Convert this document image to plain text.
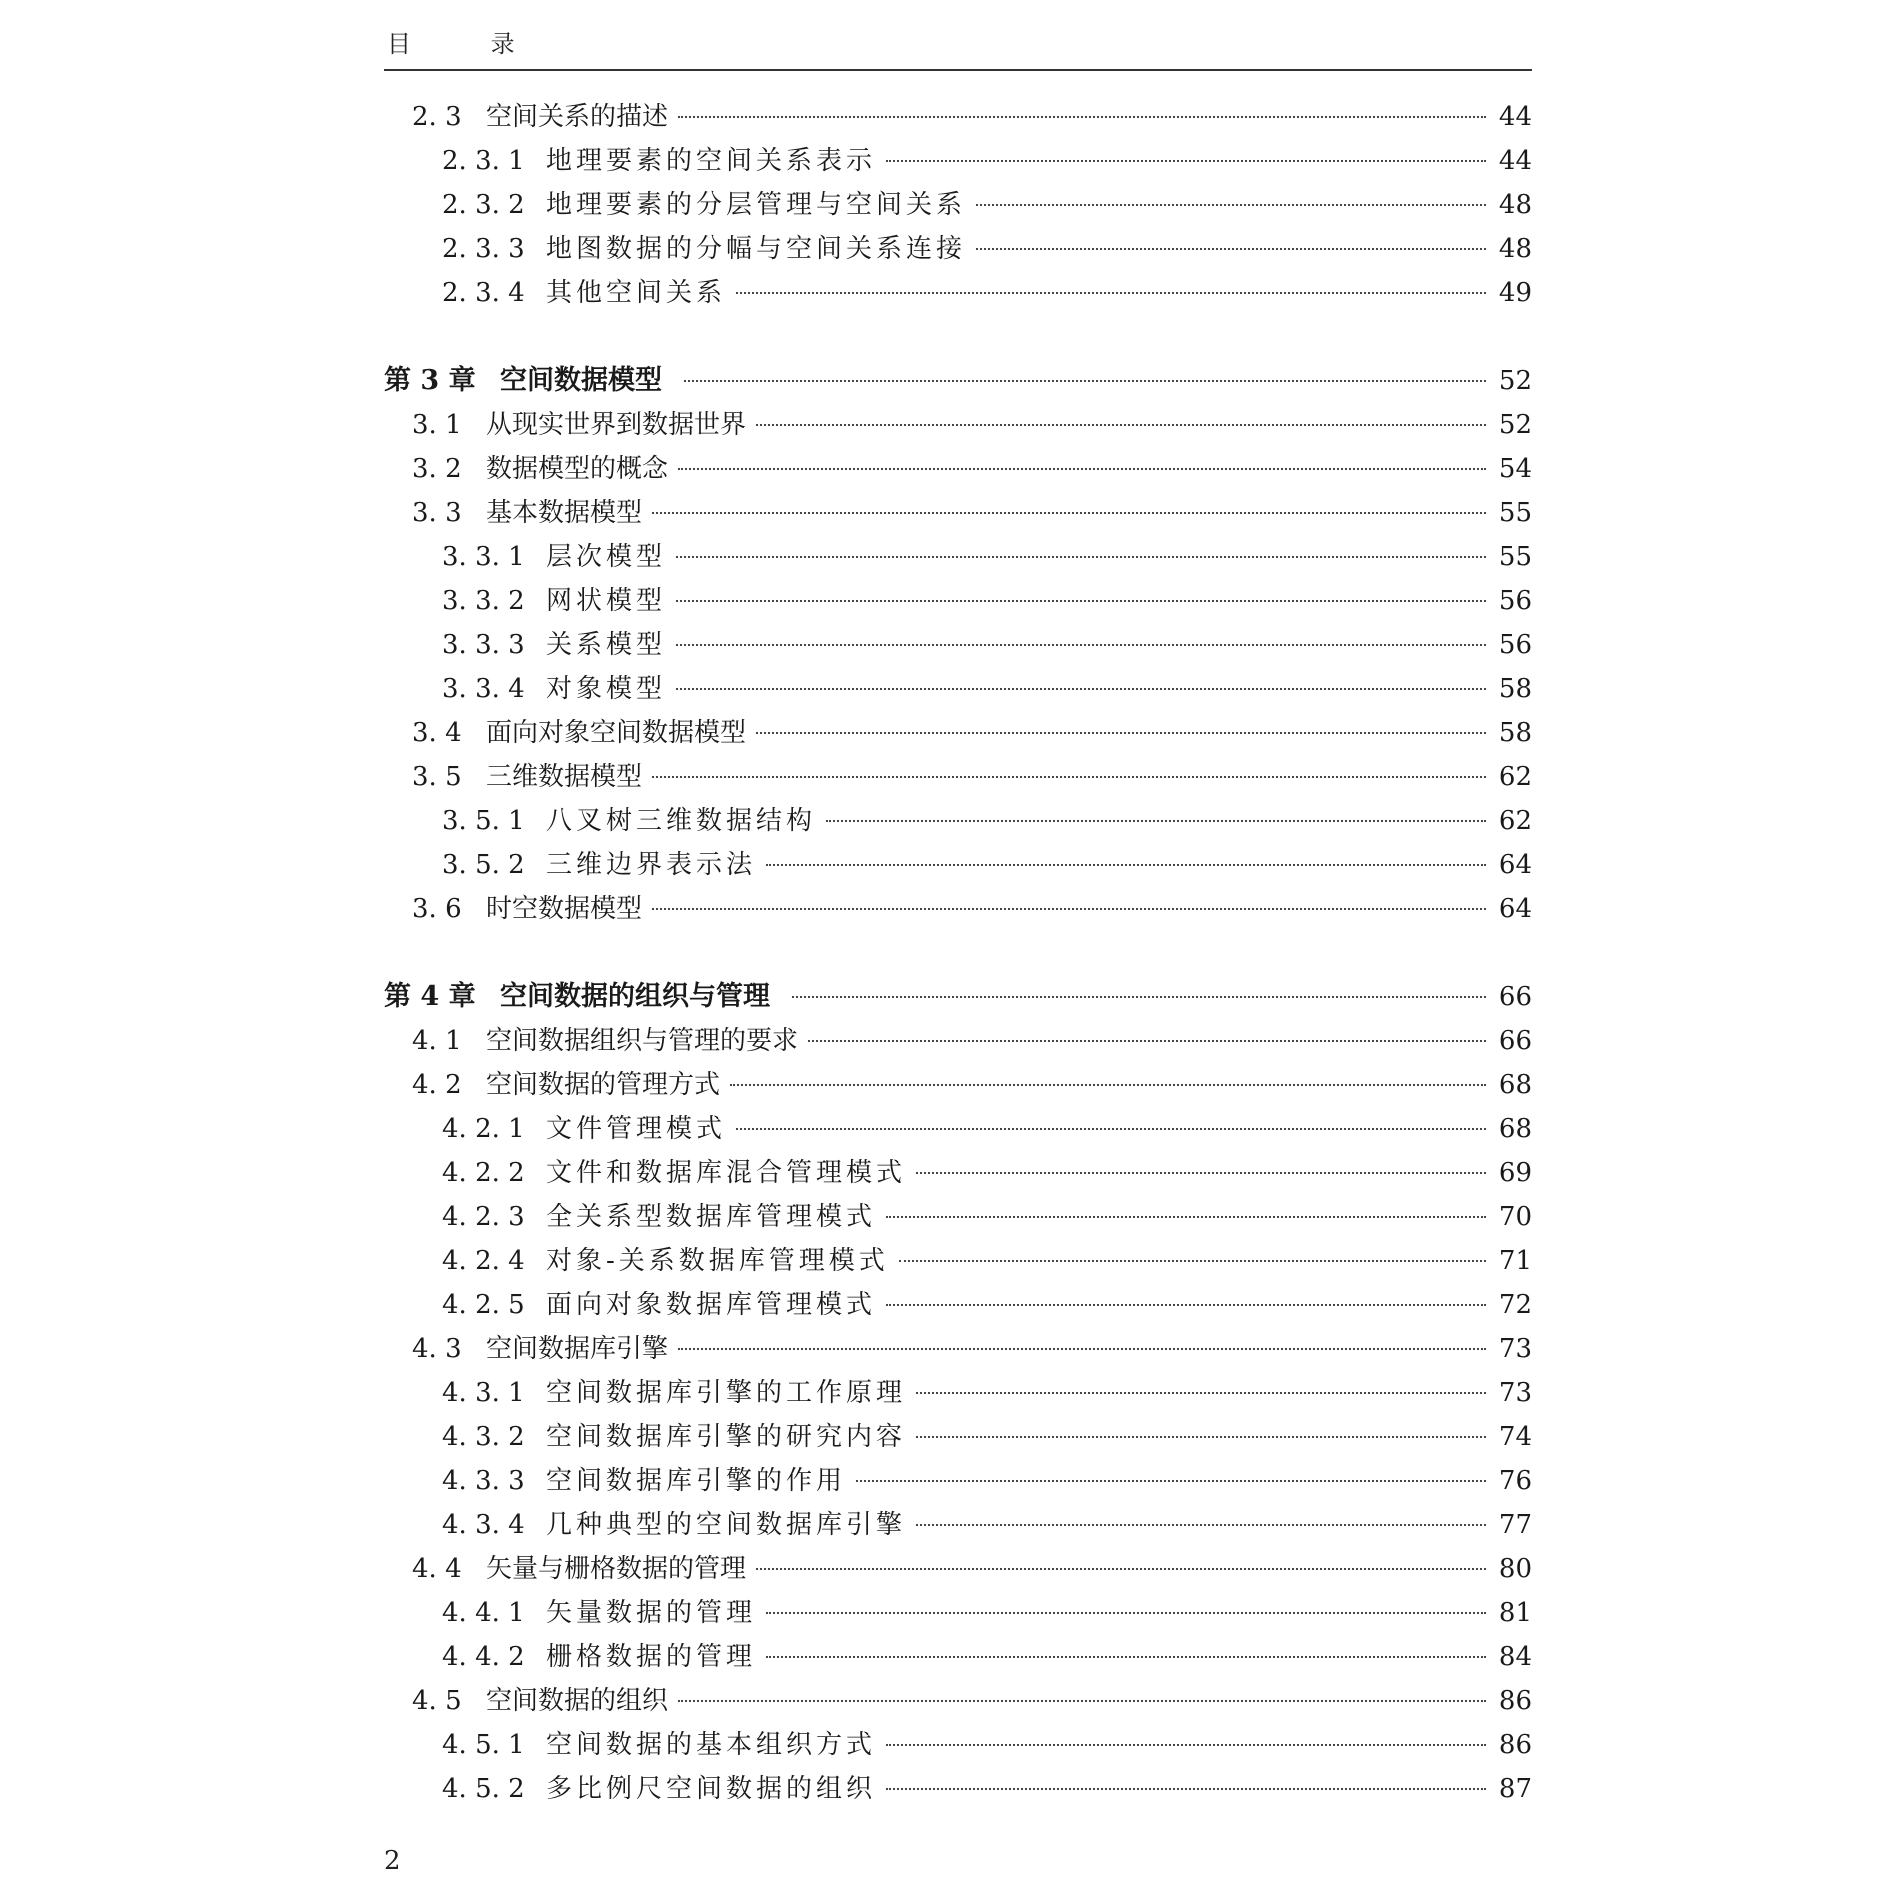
目 录
2. 3 空间关系的描述	44
2. 3. 1 地理要素的空间关系表示	44
2. 3. 2 地理要素的分层管理与空间关系	48
2. 3. 3 地图数据的分幅与空间关系连接	48
2. 3. 4 其他空间关系	49
第 3 章 空间数据模型	52
3. 1 从现实世界到数据世界	52
3. 2 数据模型的概念	54
3. 3 基本数据模型	55
3. 3. 1 层次模型	55
3. 3. 2 网状模型	56
3. 3. 3 关系模型	56
3. 3. 4 对象模型	58
3. 4 面向对象空间数据模型	58
3. 5 三维数据模型	62
3. 5. 1 八叉树三维数据结构	62
3. 5. 2 三维边界表示法	64
3. 6 时空数据模型	64
第 4 章 空间数据的组织与管理	66
4. 1 空间数据组织与管理的要求	66
4. 2 空间数据的管理方式	68
4. 2. 1 文件管理模式	68
4. 2. 2 文件和数据库混合管理模式	69
4. 2. 3 全关系型数据库管理模式	70
4. 2. 4 对象-关系数据库管理模式	71
4. 2. 5 面向对象数据库管理模式	72
4. 3 空间数据库引擎	73
4. 3. 1 空间数据库引擎的工作原理	73
4. 3. 2 空间数据库引擎的研究内容	74
4. 3. 3 空间数据库引擎的作用	76
4. 3. 4 几种典型的空间数据库引擎	77
4. 4 矢量与栅格数据的管理	80
4. 4. 1 矢量数据的管理	81
4. 4. 2 栅格数据的管理	84
4. 5 空间数据的组织	86
4. 5. 1 空间数据的基本组织方式	86
4. 5. 2 多比例尺空间数据的组织	87
2
